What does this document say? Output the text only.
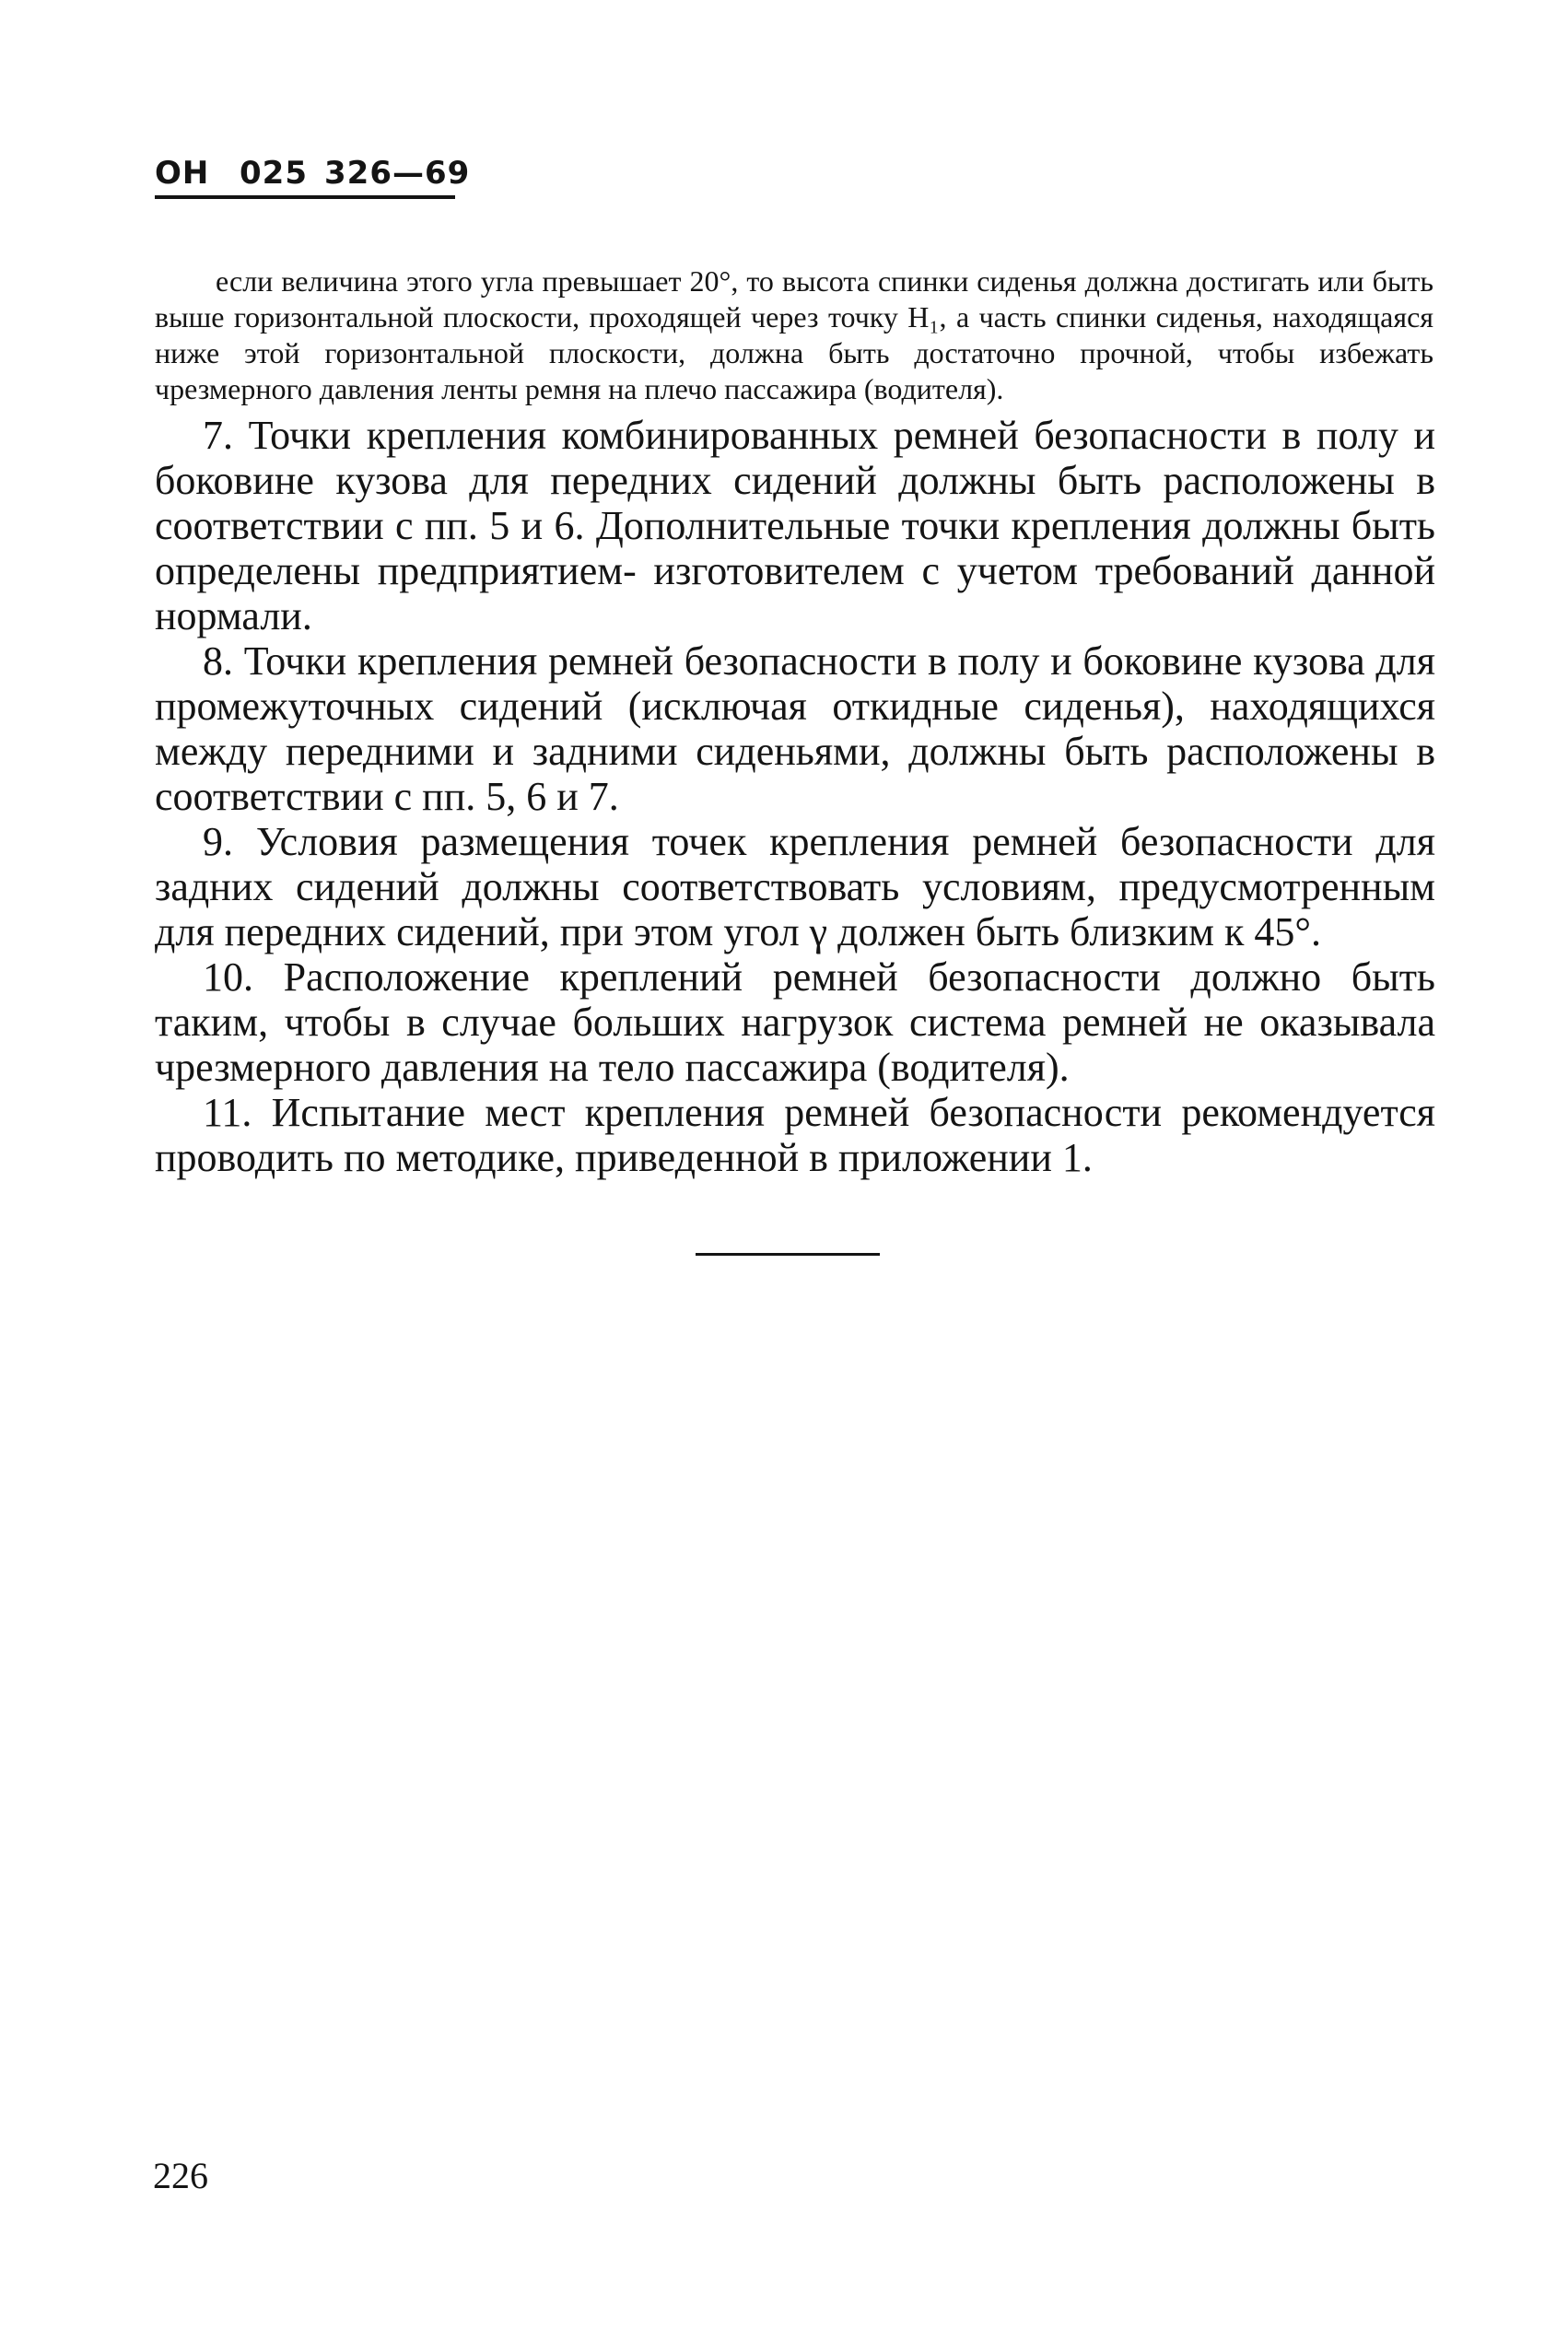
ОН 025 326—69

если величина этого угла превышает 20°, то высота спинки сиденья должна достигать или быть выше горизонтальной плоскости, проходящей через точку H₁, а часть спинки сиденья, находящаяся ниже этой горизонтальной плоскости, должна быть достаточно прочной, чтобы избежать чрезмерного давления ленты ремня на плечо пассажира (водителя).

7. Точки крепления комбинированных ремней безопасности в полу и боковине кузова для передних сидений должны быть расположены в соответствии с пп. 5 и 6. Дополнительные точки крепления должны быть определены предприятием- изготовителем с учетом требований данной нормали.

8. Точки крепления ремней безопасности в полу и боковине кузова для промежуточных сидений (исключая откидные сиденья), находящихся между передними и задними сиденьями, должны быть расположены в соответствии с пп. 5, 6 и 7.

9. Условия размещения точек крепления ремней безопасности для задних сидений должны соответствовать условиям, предусмотренным для передних сидений, при этом угол γ должен быть близким к 45°.

10. Расположение креплений ремней безопасности должно быть таким, чтобы в случае больших нагрузок система ремней не оказывала чрезмерного давления на тело пассажира (водителя).

11. Испытание мест крепления ремней безопасности рекомендуется проводить по методике, приведенной в приложении 1.

226
